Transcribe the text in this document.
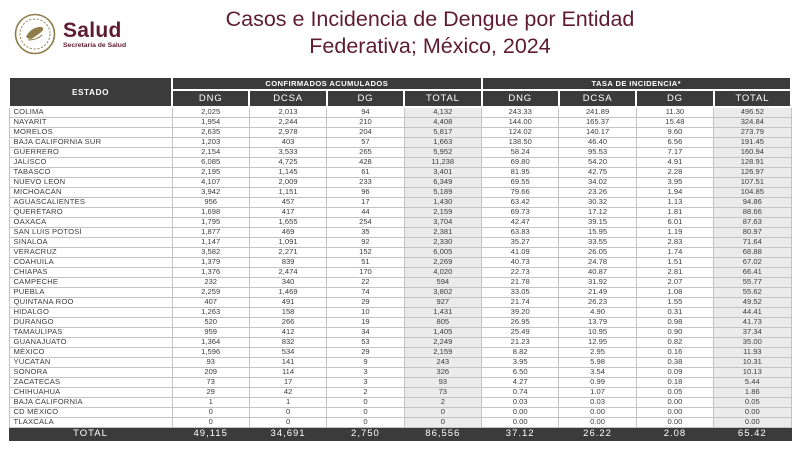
Salud
Secretaría de Salud
Casos e Incidencia de Dengue por Entidad
Federativa; México, 2024
ESTADO	CONFIRMADOS ACUMULADOS				TASA DE INCIDENCIA*			
	DNG	DCSA	DG	TOTAL	DNG	DCSA	DG	TOTAL
COLIMA	2,025	2,013	94	4,132	243.33	241.89	11.30	496.52
NAYARIT	1,954	2,244	210	4,408	144.00	165.37	15.48	324.84
MORELOS	2,635	2,978	204	5,817	124.02	140.17	9.60	273.79
BAJA CALIFORNIA SUR	1,203	403	57	1,663	138.50	46.40	6.56	191.45
GUERRERO	2,154	3,533	265	5,952	58.24	95.53	7.17	160.94
JALISCO	6,085	4,725	428	11,238	69.80	54.20	4.91	128.91
TABASCO	2,195	1,145	61	3,401	81.95	42.75	2.28	126.97
NUEVO LEÓN	4,107	2,009	233	6,349	69.55	34.02	3.95	107.51
MICHOACÁN	3,942	1,151	96	5,189	79.66	23.26	1.94	104.85
AGUASCALIENTES	956	457	17	1,430	63.42	30.32	1.13	94.86
QUERÉTARO	1,698	417	44	2,159	69.73	17.12	1.81	88.66
OAXACA	1,795	1,655	254	3,704	42.47	39.15	6.01	87.63
SAN LUIS POTOSÍ	1,877	469	35	2,381	63.83	15.95	1.19	80.97
SINALOA	1,147	1,091	92	2,330	35.27	33.55	2.83	71.64
VERACRUZ	3,582	2,271	152	6,005	41.09	26.05	1.74	68.88
COAHUILA	1,379	839	51	2,269	40.73	24.78	1.51	67.02
CHIAPAS	1,376	2,474	170	4,020	22.73	40.87	2.81	66.41
CAMPECHE	232	340	22	594	21.78	31.92	2.07	55.77
PUEBLA	2,259	1,469	74	3,802	33.05	21.49	1.08	55.62
QUINTANA ROO	407	491	29	927	21.74	26.23	1.55	49.52
HIDALGO	1,263	158	10	1,431	39.20	4.90	0.31	44.41
DURANGO	520	266	19	805	26.95	13.79	0.98	41.73
TAMAULIPAS	959	412	34	1,405	25.49	10.95	0.90	37.34
GUANAJUATO	1,364	832	53	2,249	21.23	12.95	0.82	35.00
MÉXICO	1,596	534	29	2,159	8.82	2.95	0.16	11.93
YUCATÁN	93	141	9	243	3.95	5.98	0.38	10.31
SONORA	209	114	3	326	6.50	3.54	0.09	10.13
ZACATECAS	73	17	3	93	4.27	0.99	0.18	5.44
CHIHUAHUA	29	42	2	73	0.74	1.07	0.05	1.86
BAJA CALIFORNIA	1	1	0	2	0.03	0.03	0.00	0.05
CD MÉXICO	0	0	0	0	0.00	0.00	0.00	0.00
TLAXCALA	0	0	0	0	0.00	0.00	0.00	0.00
TOTAL	49,115	34,691	2,750	86,556	37.12	26.22	2.08	65.42
